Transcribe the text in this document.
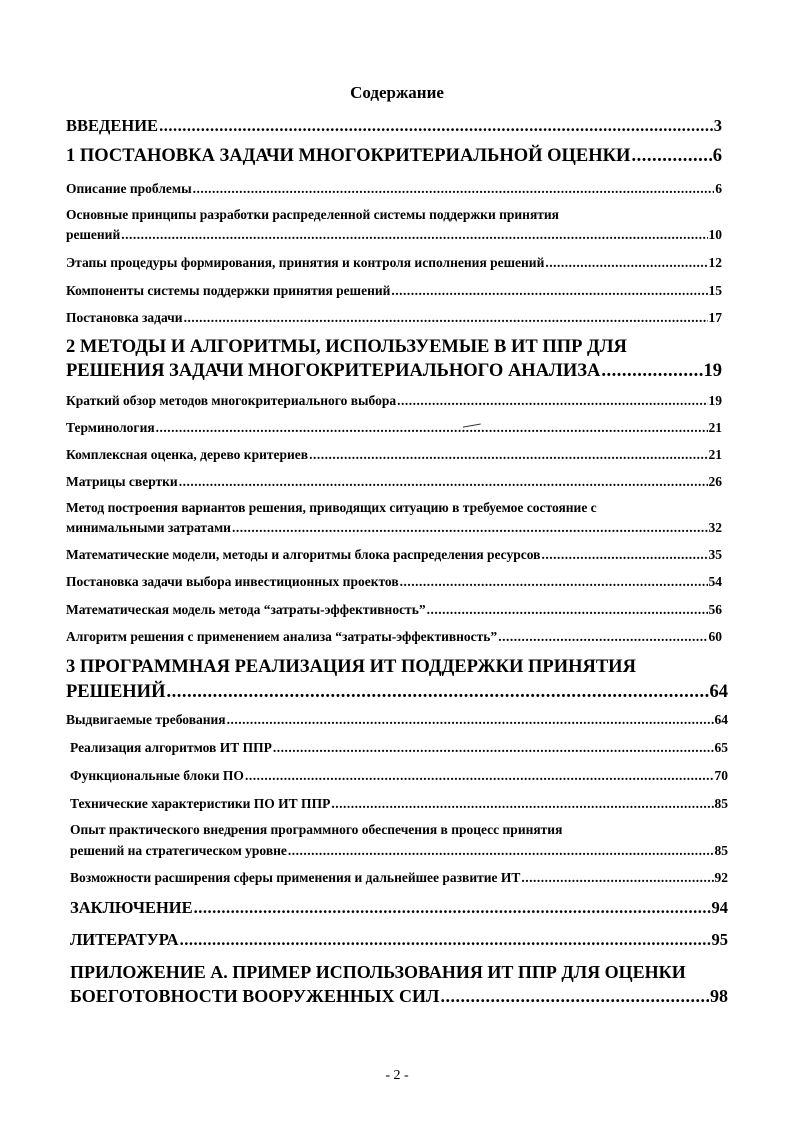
Содержание
ВВЕДЕНИЕ .....	3
1 ПОСТАНОВКА ЗАДАЧИ МНОГОКРИТЕРИАЛЬНОЙ ОЦЕНКИ .....	6
Описание проблемы .....	6
Основные принципы разработки распределенной системы поддержки принятия
решений .....	10
Этапы процедуры формирования, принятия и контроля исполнения решений .....	12
Компоненты системы поддержки принятия решений .....	15
Постановка задачи .....	17
2 МЕТОДЫ И АЛГОРИТМЫ, ИСПОЛЬЗУЕМЫЕ В ИТ ППР ДЛЯ
РЕШЕНИЯ ЗАДАЧИ МНОГОКРИТЕРИАЛЬНОГО АНАЛИЗА .....	19
Краткий обзор методов многокритериального выбора .....	19
Терминология .....	21
Комплексная оценка, дерево критериев .....	21
Матрицы свертки .....	26
Метод построения вариантов решения, приводящих ситуацию в требуемое состояние с
минимальными затратами .....	32
Математические модели, методы и алгоритмы блока распределения ресурсов .....	35
Постановка задачи выбора инвестиционных проектов .....	54
Математическая модель метода “затраты-эффективность” .....	56
Алгоритм решения с применением анализа “затраты-эффективность” .....	60
3 ПРОГРАММНАЯ РЕАЛИЗАЦИЯ ИТ ПОДДЕРЖКИ ПРИНЯТИЯ
РЕШЕНИЙ .....	64
Выдвигаемые требования .....	64
Реализация алгоритмов ИТ ППР .....	65
Функциональные блоки ПО .....	70
Технические характеристики ПО ИТ ППР .....	85
Опыт практического внедрения программного обеспечения в процесс принятия
решений на стратегическом уровне .....	85
Возможности расширения сферы применения и дальнейшее развитие ИТ .....	92
ЗАКЛЮЧЕНИЕ .....	94
ЛИТЕРАТУРА .....	95
ПРИЛОЖЕНИЕ А. ПРИМЕР ИСПОЛЬЗОВАНИЯ ИТ ППР ДЛЯ ОЦЕНКИ
БОЕГОТОВНОСТИ ВООРУЖЕННЫХ СИЛ .....	98
- 2 -
